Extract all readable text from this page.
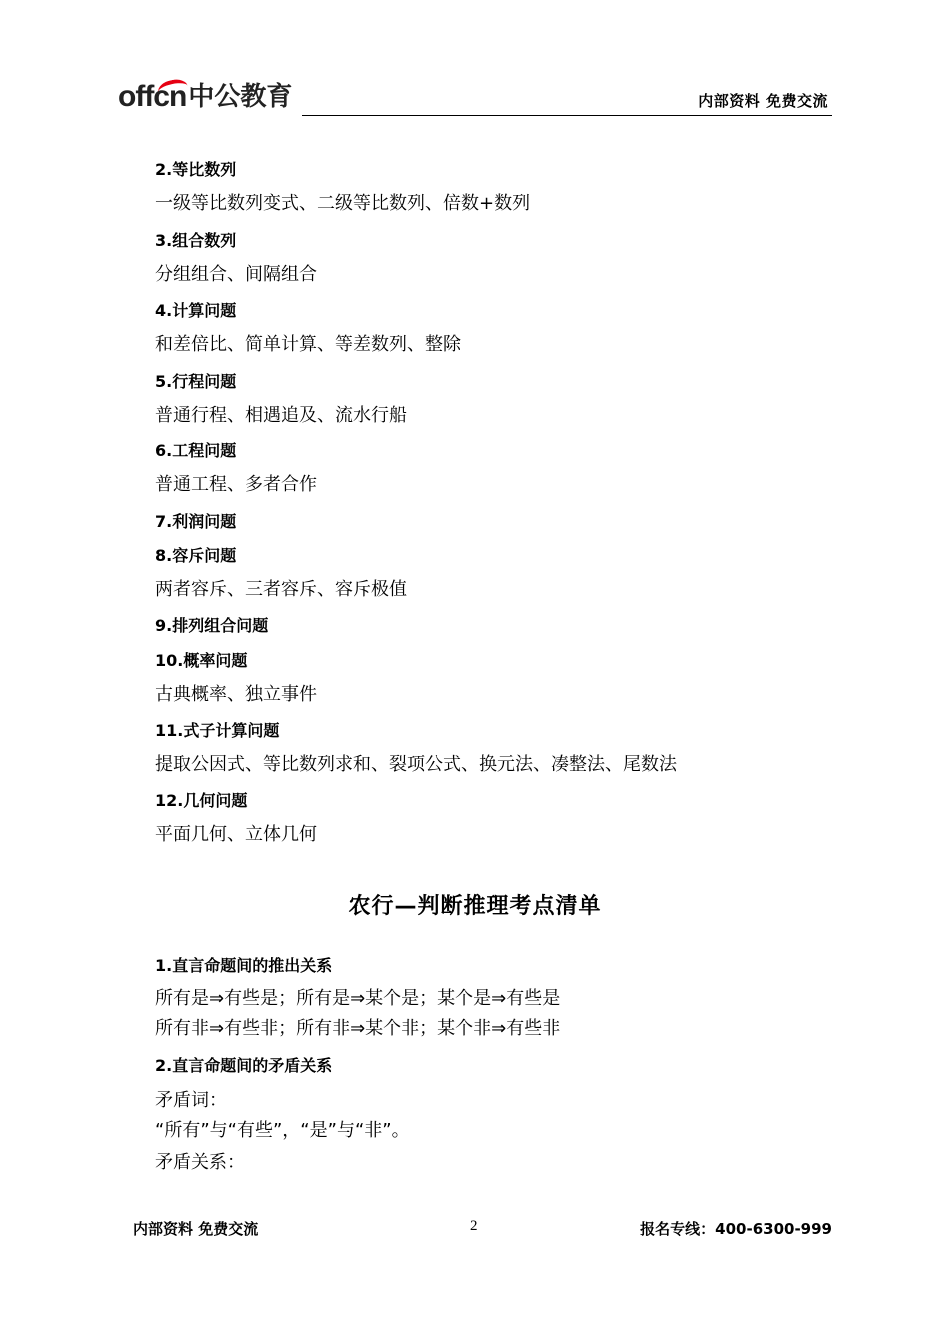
offcn 中公教育	内部资料 免费交流
2.等比数列
一级等比数列变式、二级等比数列、倍数+数列
3.组合数列
分组组合、间隔组合
4.计算问题
和差倍比、简单计算、等差数列、整除
5.行程问题
普通行程、相遇追及、流水行船
6.工程问题
普通工程、多者合作
7.利润问题
8.容斥问题
两者容斥、三者容斥、容斥极值
9.排列组合问题
10.概率问题
古典概率、独立事件
11.式子计算问题
提取公因式、等比数列求和、裂项公式、换元法、凑整法、尾数法
12.几何问题
平面几何、立体几何
农行—判断推理考点清单
1.直言命题间的推出关系
所有是⇒有些是；所有是⇒某个是；某个是⇒有些是
所有非⇒有些非；所有非⇒某个非；某个非⇒有些非
2.直言命题间的矛盾关系
矛盾词：
“所有”与“有些”，“是”与“非”。
矛盾关系：
内部资料 免费交流	2	报名专线：400-6300-999
